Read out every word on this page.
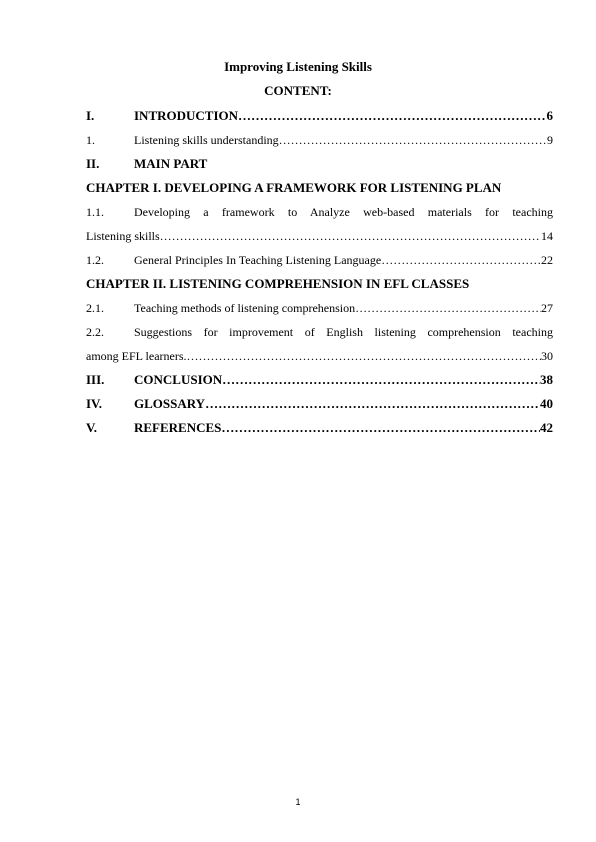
Improving Listening Skills
CONTENT:
I.	INTRODUCTION ………………………………………………………………………………………………………………………………………………	6
1.	Listening skills understanding ………………………………………………………………………………………………………………………………………………	9
II.	MAIN PART
CHAPTER I. DEVELOPING A FRAMEWORK FOR LISTENING PLAN
1.1.	Developing a framework to Analyze web-based materials for teaching
Listening skills ………………………………………………………………………………………………………………………………………………	14
1.2.	General Principles In Teaching Listening Language ………………………………………………………………………………………………………………………………………………	22
CHAPTER II. LISTENING COMPREHENSION IN EFL CLASSES
2.1.	Teaching methods of listening comprehension ………………………………………………………………………………………………………………………………………………	27
2.2.	Suggestions for improvement of English listening comprehension teaching
among EFL learners. ………………………………………………………………………………………………………………………………………………	30
III.	CONCLUSION ………………………………………………………………………………………………………………………………………………	38
IV.	GLOSSARY ………………………………………………………………………………………………………………………………………………	40
V.	REFERENCES ………………………………………………………………………………………………………………………………………………	42
1
